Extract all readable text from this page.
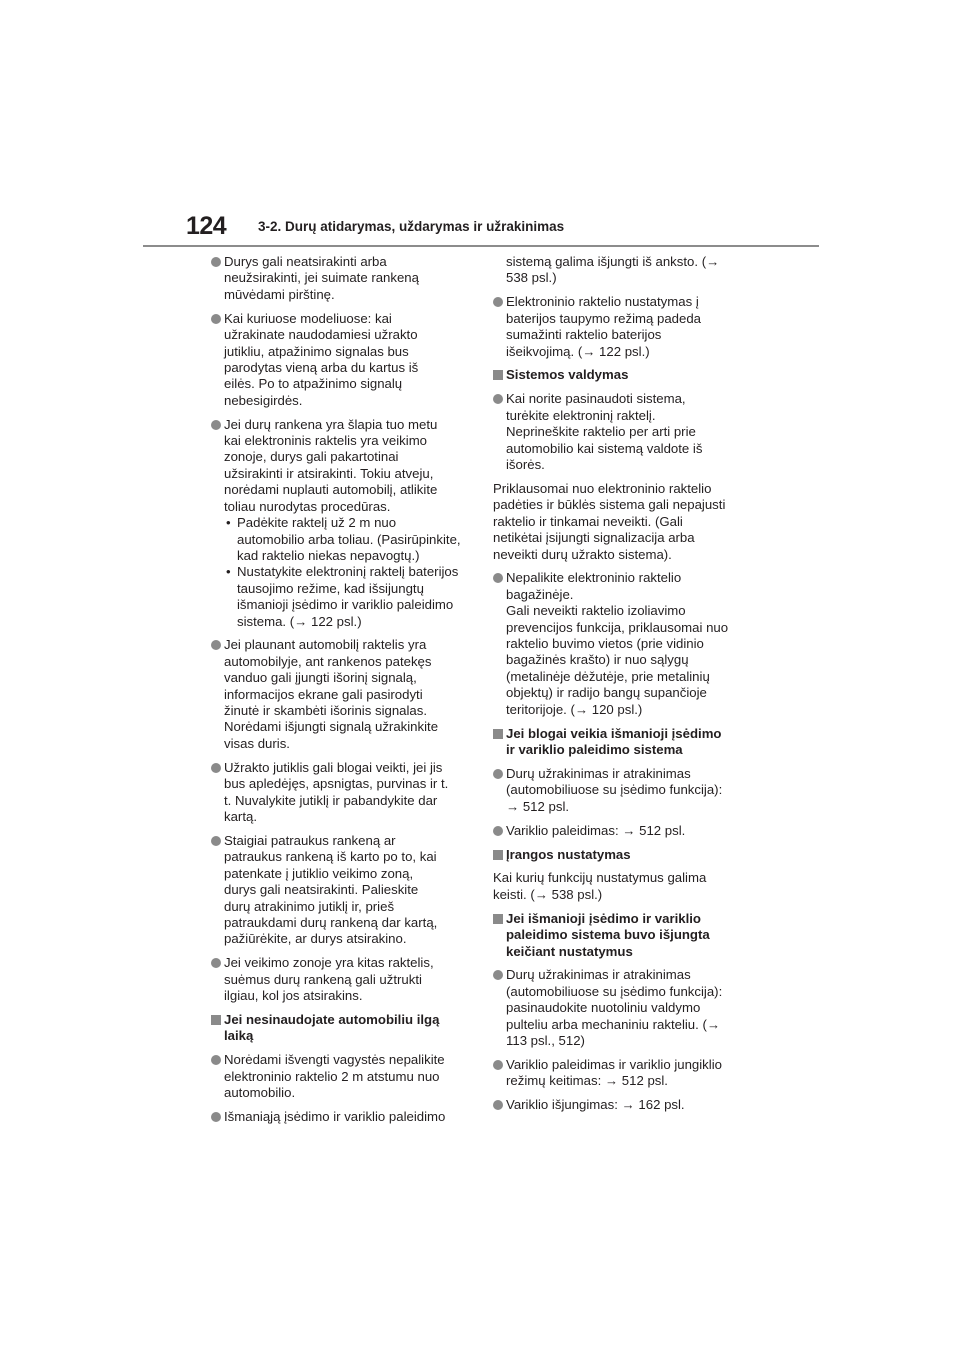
124 3-2. Durų atidarymas, uždarymas ir užrakinimas
Durys gali neatsirakinti arba
neužsirakinti, jei suimate rankeną
mūvėdami pirštinę.
Kai kuriuose modeliuose: kai
užrakinate naudodamiesi užrakto
jutikliu, atpažinimo signalas bus
parodytas vieną arba du kartus iš
eilės. Po to atpažinimo signalų
nebesigirdės.
Jei durų rankena yra šlapia tuo metu
kai elektroninis raktelis yra veikimo
zonoje, durys gali pakartotinai
užsirakinti ir atsirakinti. Tokiu atveju,
norėdami nuplauti automobilį, atlikite
toliau nurodytas procedūras.
• Padėkite raktelį už 2 m nuo
automobilio arba toliau. (Pasirūpinkite,
kad raktelio niekas nepavogtų.)
• Nustatykite elektroninį raktelį baterijos
tausojimo režime, kad išsijungtų
išmanioji įsėdimo ir variklio paleidimo
sistema. (→ 122 psl.)
Jei plaunant automobilį raktelis yra
automobilyje, ant rankenos patekęs
vanduo gali įjungti išorinį signalą,
informacijos ekrane gali pasirodyti
žinutė ir skambėti išorinis signalas.
Norėdami išjungti signalą užrakinkite
visas duris.
Užrakto jutiklis gali blogai veikti, jei jis
bus apledėjęs, apsnigtas, purvinas ir t.
t. Nuvalykite jutiklį ir pabandykite dar
kartą.
Staigiai patraukus rankeną ar
patraukus rankeną iš karto po to, kai
patenkate į jutiklio veikimo zoną,
durys gali neatsirakinti. Palieskite
durų atrakinimo jutiklį ir, prieš
patraukdami durų rankeną dar kartą,
pažiūrėkite, ar durys atsirakino.
Jei veikimo zonoje yra kitas raktelis,
suėmus durų rankeną gali užtrukti
ilgiau, kol jos atsirakins.
Jei nesinaudojate automobiliu ilgą
laiką
Norėdami išvengti vagystės nepalikite
elektroninio raktelio 2 m atstumu nuo
automobilio.
Išmaniąją įsėdimo ir variklio paleidimo
sistemą galima išjungti iš anksto. (→
538 psl.)
Elektroninio raktelio nustatymas į
baterijos taupymo režimą padeda
sumažinti raktelio baterijos
išeikvojimą. (→ 122 psl.)
Sistemos valdymas
Kai norite pasinaudoti sistema,
turėkite elektroninį raktelį.
Neprineškite raktelio per arti prie
automobilio kai sistemą valdote iš
išorės.
Priklausomai nuo elektroninio raktelio
padėties ir būklės sistema gali nepajusti
raktelio ir tinkamai neveikti. (Gali
netikėtai įsijungti signalizacija arba
neveikti durų užrakto sistema).
Nepalikite elektroninio raktelio
bagažinėje.
Gali neveikti raktelio izoliavimo
prevencijos funkcija, priklausomai nuo
raktelio buvimo vietos (prie vidinio
bagažinės krašto) ir nuo sąlygų
(metalinėje dėžutėje, prie metalinių
objektų) ir radijo bangų supančioje
teritorijoje. (→ 120 psl.)
Jei blogai veikia išmanioji įsėdimo
ir variklio paleidimo sistema
Durų užrakinimas ir atrakinimas
(automobiliuose su įsėdimo funkcija):
→ 512 psl.
Variklio paleidimas: → 512 psl.
Įrangos nustatymas
Kai kurių funkcijų nustatymus galima
keisti. (→ 538 psl.)
Jei išmanioji įsėdimo ir variklio
paleidimo sistema buvo išjungta
keičiant nustatymus
Durų užrakinimas ir atrakinimas
(automobiliuose su įsėdimo funkcija):
pasinaudokite nuotoliniu valdymo
pulteliu arba mechaniniu rakteliu. (→
113 psl., 512)
Variklio paleidimas ir variklio jungiklio
režimų keitimas: → 512 psl.
Variklio išjungimas: → 162 psl.
